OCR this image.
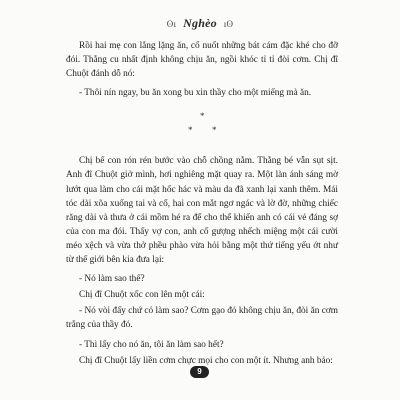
ʘı Nghèo ıʘ

Rồi hai mẹ con lẳng lặng ăn, cố nuốt những bát cám đặc khé cho đỡ đói. Thằng cu nhất định không chịu ăn, ngồi khóc tỉ tỉ đòi cơm. Chị đĩ Chuột đánh dỗ nó:

- Thôi nín ngay, bu ăn xong bu xin thầy cho một miếng mà ăn.

*
* *

Chị bế con rón rén bước vào chỗ chồng nằm. Thằng bé vẫn sụt sịt. Anh đĩ Chuột giở mình, hơi nghiêng mặt quay ra. Một làn ánh sáng mờ lướt qua làm cho cái mặt hốc hác và màu da đã xanh lại xanh thêm. Mái tóc dài xõa xuống tai và cổ, hai con mắt ngơ ngác và lờ đờ, những chiếc răng dài và thưa ở cái mồm hé ra để cho thể khiến anh có cái vẻ đáng sợ của con ma đói. Thấy vợ con, anh cố gượng nhếch miệng một cái cười méo xệch và vừa thở phều phào vừa hỏi bằng một thứ tiếng yếu ớt như từ thế giới bên kia đưa lại:

- Nó làm sao thế?

Chị đĩ Chuột xốc con lên một cái:

- Nó vòi đấy chứ có làm sao? Cơm gạo đó không chịu ăn, đòi ăn cơm trắng của thầy đó.

- Thì lấy cho nó ăn, tôi ăn làm sao hết?

Chị đĩ Chuột lấy liền cơm chực mọi cho con một ít. Nhưng anh bảo:

9
